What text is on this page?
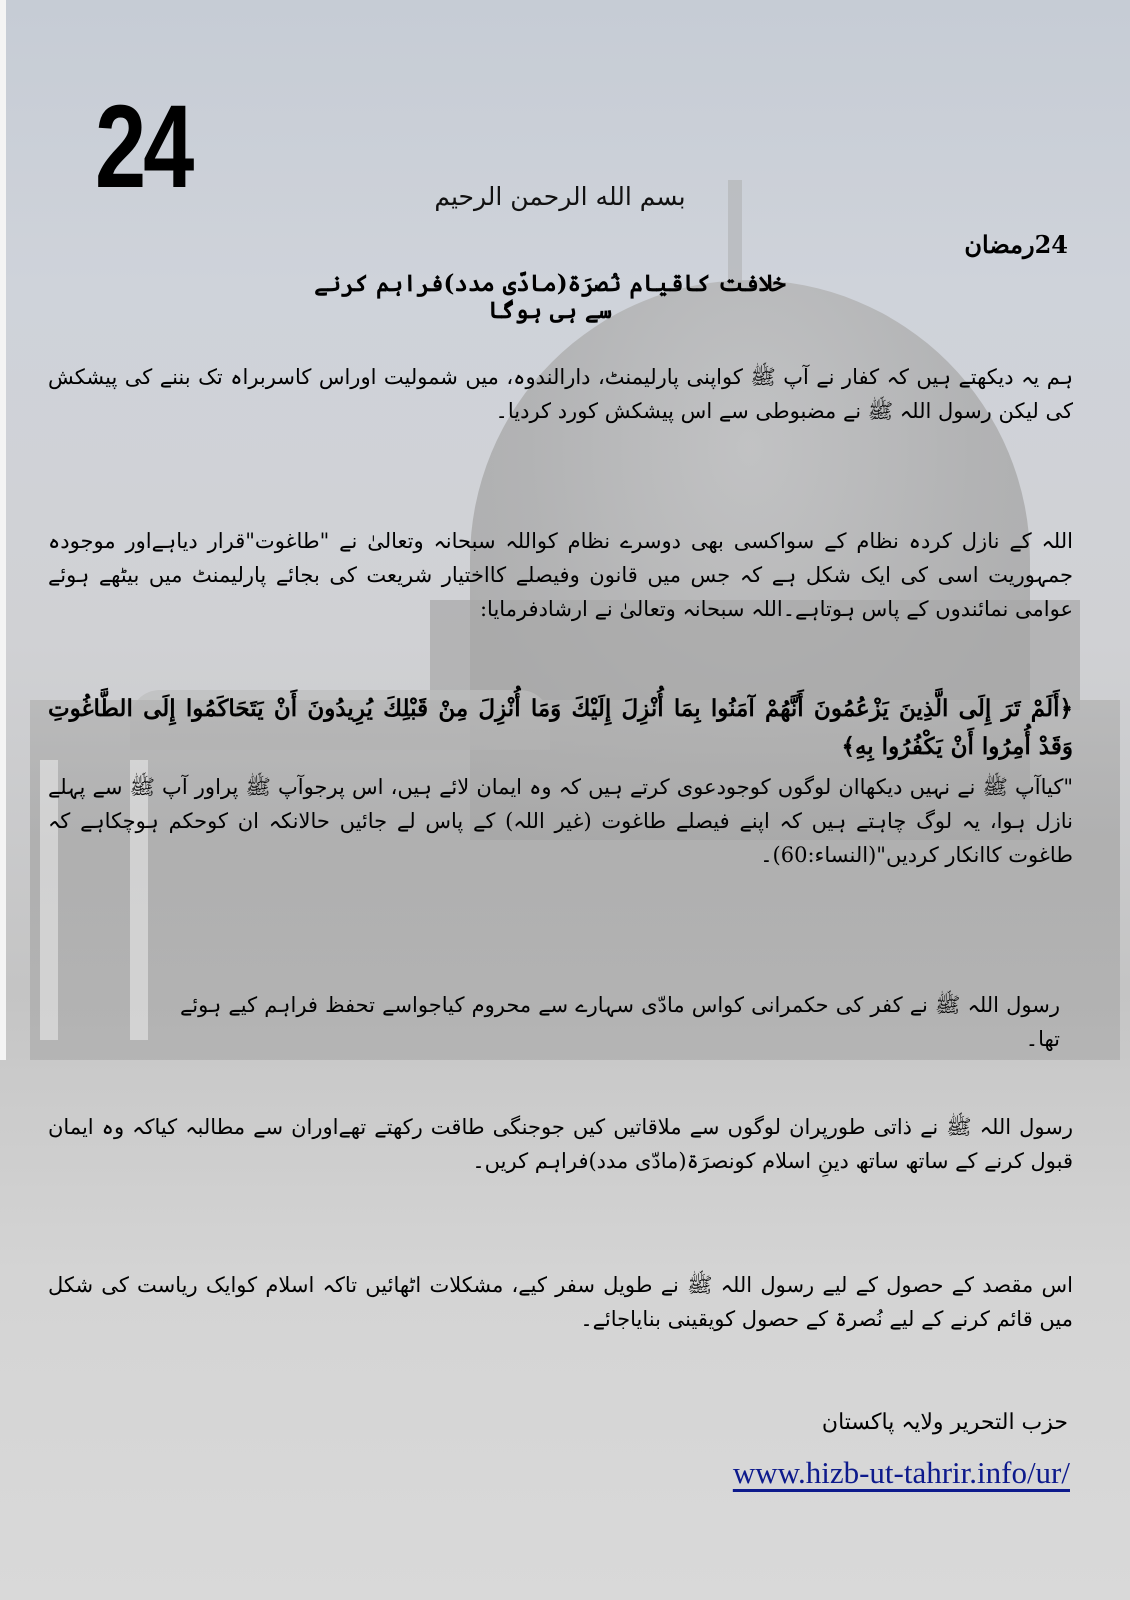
24	بسم الله الرحمن الرحیم
24رمضان
خلافت کاقیام نُصرَۃ(مادّی مدد)فراہم کرنے سے ہی ہوگا

ہم یہ دیکھتے ہیں کہ کفار نے آپ ﷺ کواپنی پارلیمنٹ، دارالندوہ، میں شمولیت اوراس کاسربراہ تک بننے کی پیشکش کی لیکن رسول اللہ ﷺ نے مضبوطی سے اس پیشکش کورد کردیا۔

اللہ کے نازل کردہ نظام کے سواکسی بھی دوسرے نظام کواللہ سبحانہ وتعالیٰ نے "طاغوت"قرار دیاہےاور موجودہ جمہوریت اسی کی ایک شکل ہے کہ جس میں قانون وفیصلے کااختیار شریعت کی بجائے پارلیمنٹ میں بیٹھے ہوئے عوامی نمائندوں کے پاس ہوتاہے۔اللہ سبحانہ وتعالیٰ نے ارشادفرمایا:

﴿أَلَمْ تَرَ إِلَى الَّذِينَ يَزْعُمُونَ أَنَّهُمْ آمَنُوا بِمَا أُنْزِلَ إِلَيْكَ وَمَا أُنْزِلَ مِنْ قَبْلِكَ يُرِيدُونَ أَنْ يَتَحَاكَمُوا إِلَى الطَّاغُوتِ وَقَدْ أُمِرُوا أَنْ يَكْفُرُوا بِهِ﴾

"کیاآپ ﷺ نے نہیں دیکھاان لوگوں کوجودعوی کرتے ہیں کہ وہ ایمان لائے ہیں، اس پرجوآپ ﷺ پراور آپ ﷺ سے پہلے نازل ہوا، یہ لوگ چاہتے ہیں کہ اپنے فیصلے طاغوت (غیر اللہ) کے پاس لے جائیں حالانکہ ان کوحکم ہوچکاہے کہ طاغوت کاانکار کردیں"(النساء:60)۔

رسول اللہ ﷺ نے کفر کی حکمرانی کواس مادّی سہارے سے محروم کیاجواسے تحفظ فراہم کیے ہوئے تھا۔

رسول اللہ ﷺ نے ذاتی طورپران لوگوں سے ملاقاتیں کیں جوجنگی طاقت رکھتے تھےاوران سے مطالبہ کیاکہ وہ ایمان قبول کرنے کے ساتھ ساتھ دینِ اسلام کونصرَۃ(مادّی مدد)فراہم کریں۔

اس مقصد کے حصول کے لیے رسول اللہ ﷺ نے طویل سفر کیے، مشکلات اٹھائیں تاکہ اسلام کوایک ریاست کی شکل میں قائم کرنے کے لیے نُصرۃ کے حصول کویقینی بنایاجائے۔

حزب التحریر ولایہ پاکستان
www.hizb-ut-tahrir.info/ur/
